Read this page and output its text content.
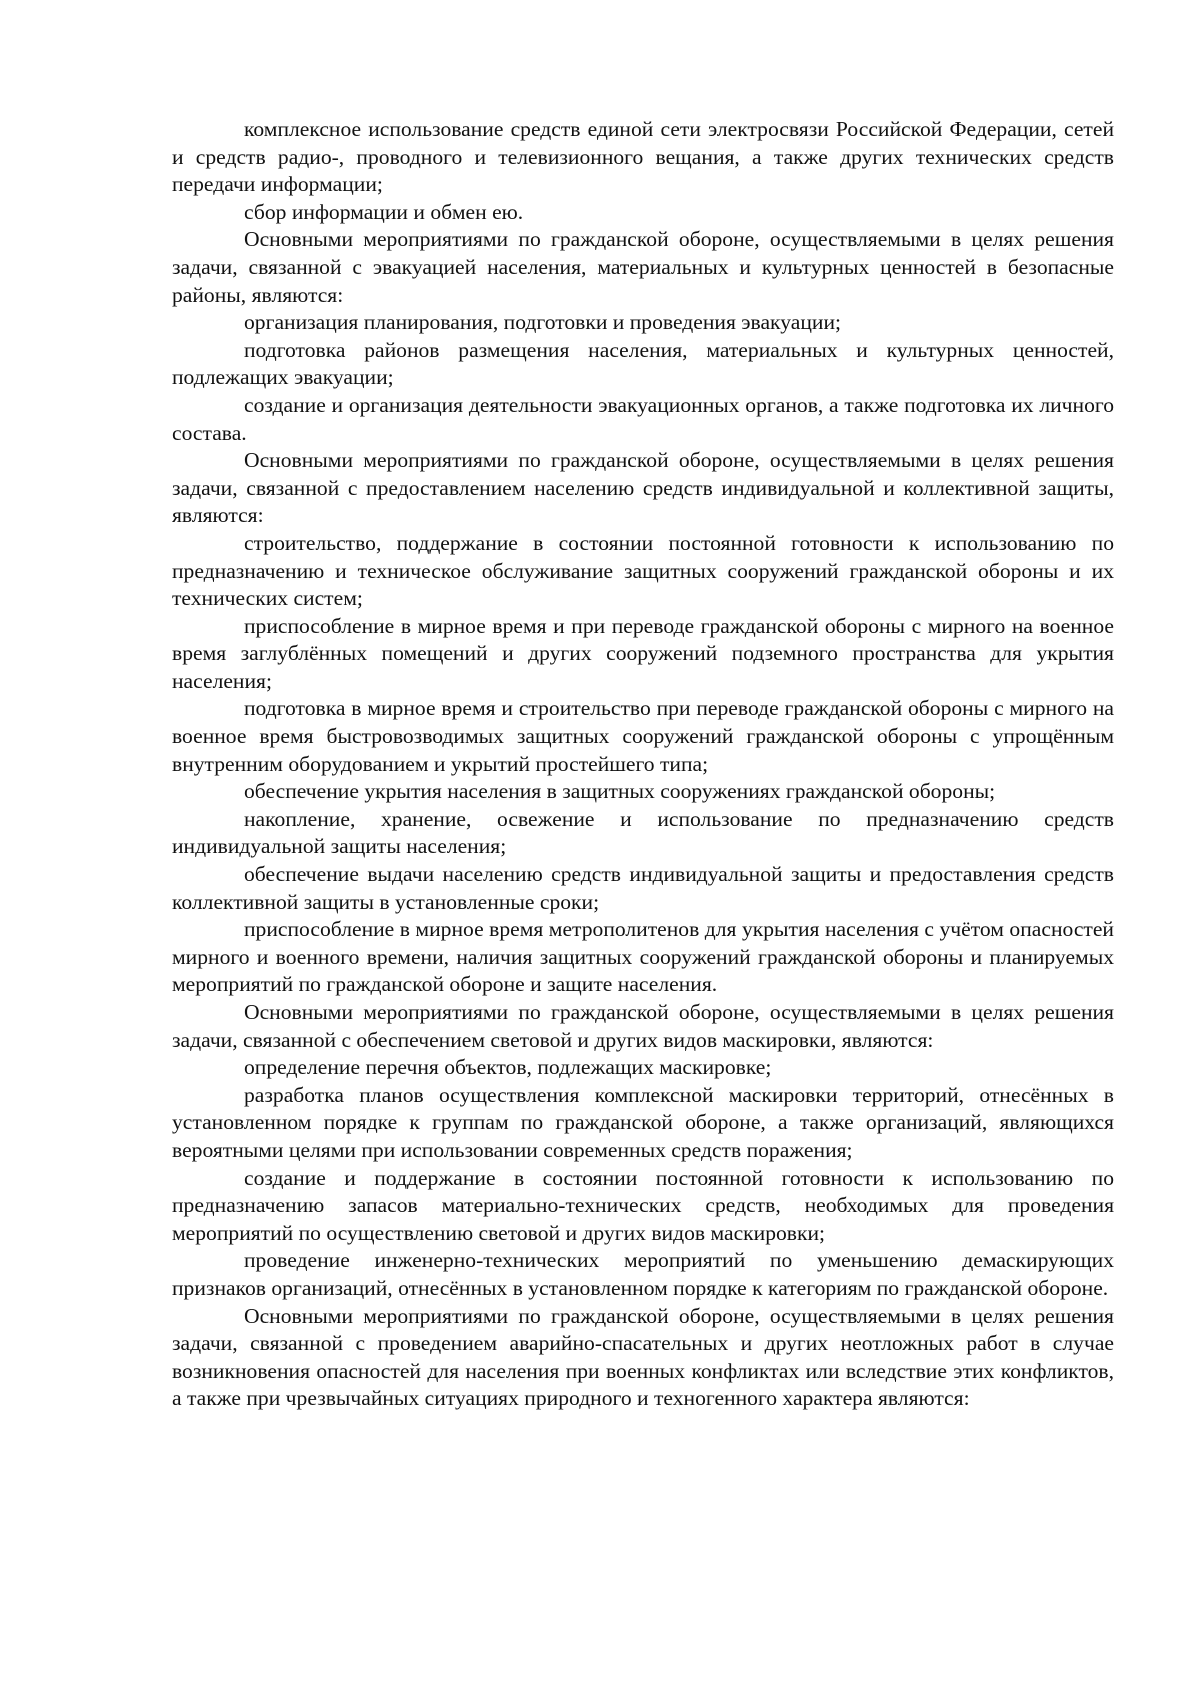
комплексное использование средств единой сети электросвязи Российской Федерации, сетей и средств радио-, проводного и телевизионного вещания, а также других технических средств передачи информации;

сбор информации и обмен ею.

Основными мероприятиями по гражданской обороне, осуществляемыми в целях решения задачи, связанной с эвакуацией населения, материальных и культурных ценностей в безопасные районы, являются:

организация планирования, подготовки и проведения эвакуации;

подготовка районов размещения населения, материальных и культурных ценностей, подлежащих эвакуации;

создание и организация деятельности эвакуационных органов, а также подготовка их личного состава.

Основными мероприятиями по гражданской обороне, осуществляемыми в целях решения задачи, связанной с предоставлением населению средств индивидуальной и коллективной защиты, являются:

строительство, поддержание в состоянии постоянной готовности к использованию по предназначению и техническое обслуживание защитных сооружений гражданской обороны и их технических систем;

приспособление в мирное время и при переводе гражданской обороны с мирного на военное время заглублённых помещений и других сооружений подземного пространства для укрытия населения;

подготовка в мирное время и строительство при переводе гражданской обороны с мирного на военное время быстровозводимых защитных сооружений гражданской обороны с упрощённым внутренним оборудованием и укрытий простейшего типа;

обеспечение укрытия населения в защитных сооружениях гражданской обороны;

накопление, хранение, освежение и использование по предназначению средств индивидуальной защиты населения;

обеспечение выдачи населению средств индивидуальной защиты и предоставления средств коллективной защиты в установленные сроки;

приспособление в мирное время метрополитенов для укрытия населения с учётом опасностей мирного и военного времени, наличия защитных сооружений гражданской обороны и планируемых мероприятий по гражданской обороне и защите населения.

Основными мероприятиями по гражданской обороне, осуществляемыми в целях решения задачи, связанной с обеспечением световой и других видов маскировки, являются:

определение перечня объектов, подлежащих маскировке;

разработка планов осуществления комплексной маскировки территорий, отнесённых в установленном порядке к группам по гражданской обороне, а также организаций, являющихся вероятными целями при использовании современных средств поражения;

создание и поддержание в состоянии постоянной готовности к использованию по предназначению запасов материально-технических средств, необходимых для проведения мероприятий по осуществлению световой и других видов маскировки;

проведение инженерно-технических мероприятий по уменьшению демаскирующих признаков организаций, отнесённых в установленном порядке к категориям по гражданской обороне.

Основными мероприятиями по гражданской обороне, осуществляемыми в целях решения задачи, связанной с проведением аварийно-спасательных и других неотложных работ в случае возникновения опасностей для населения при военных конфликтах или вследствие этих конфликтов, а также при чрезвычайных ситуациях природного и техногенного характера являются:
